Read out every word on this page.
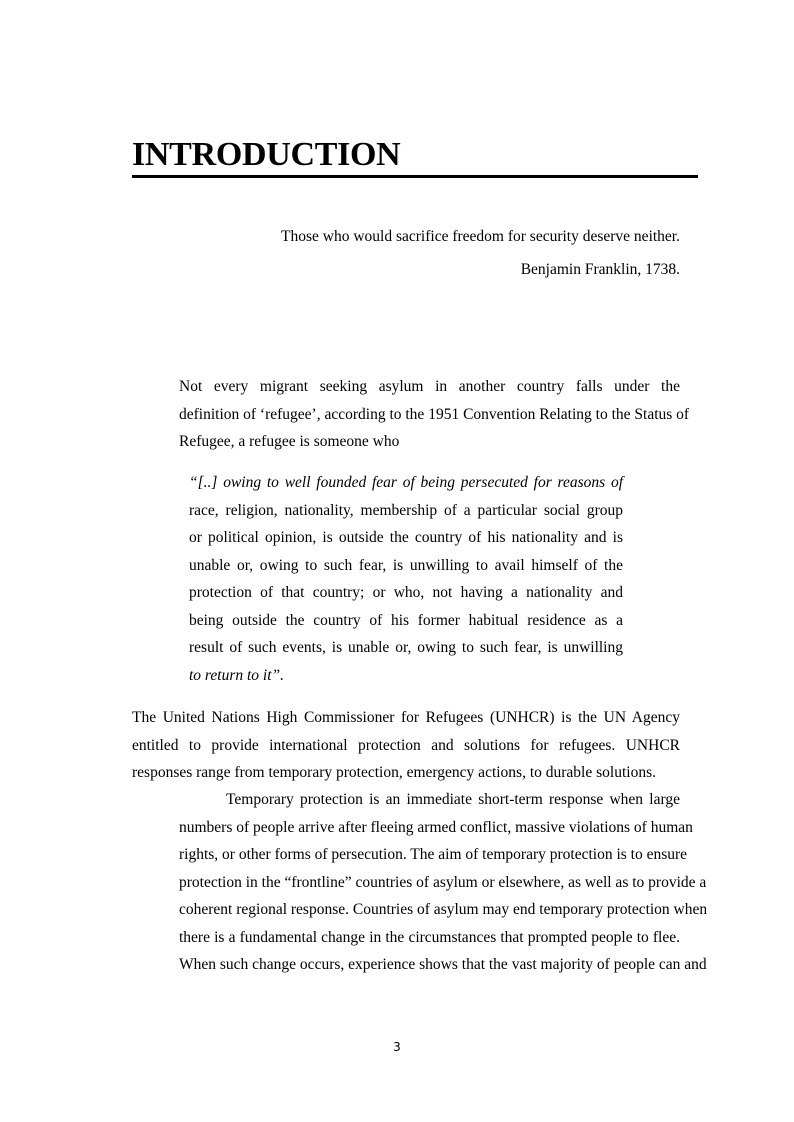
INTRODUCTION
Those who would sacrifice freedom for security deserve neither.
Benjamin Franklin, 1738.
Not every migrant seeking asylum in another country falls under the
definition of ‘refugee’, according to the 1951 Convention Relating to the Status of
Refugee, a refugee is someone who
“[..] owing to well founded fear of being persecuted for reasons of
race, religion, nationality, membership of a particular social group
or political opinion, is outside the country of his nationality and is
unable or, owing to such fear, is unwilling to avail himself of the
protection of that country; or who, not having a nationality and
being outside the country of his former habitual residence as a
result of such events, is unable or, owing to such fear, is unwilling
to return to it”.
The United Nations High Commissioner for Refugees (UNHCR) is the UN Agency
entitled to provide international protection and solutions for refugees. UNHCR
responses range from temporary protection, emergency actions, to durable solutions.
Temporary protection is an immediate short-term response when large
numbers of people arrive after fleeing armed conflict, massive violations of human
rights, or other forms of persecution. The aim of temporary protection is to ensure
protection in the “frontline” countries of asylum or elsewhere, as well as to provide a
coherent regional response. Countries of asylum may end temporary protection when
there is a fundamental change in the circumstances that prompted people to flee.
When such change occurs, experience shows that the vast majority of people can and
3
